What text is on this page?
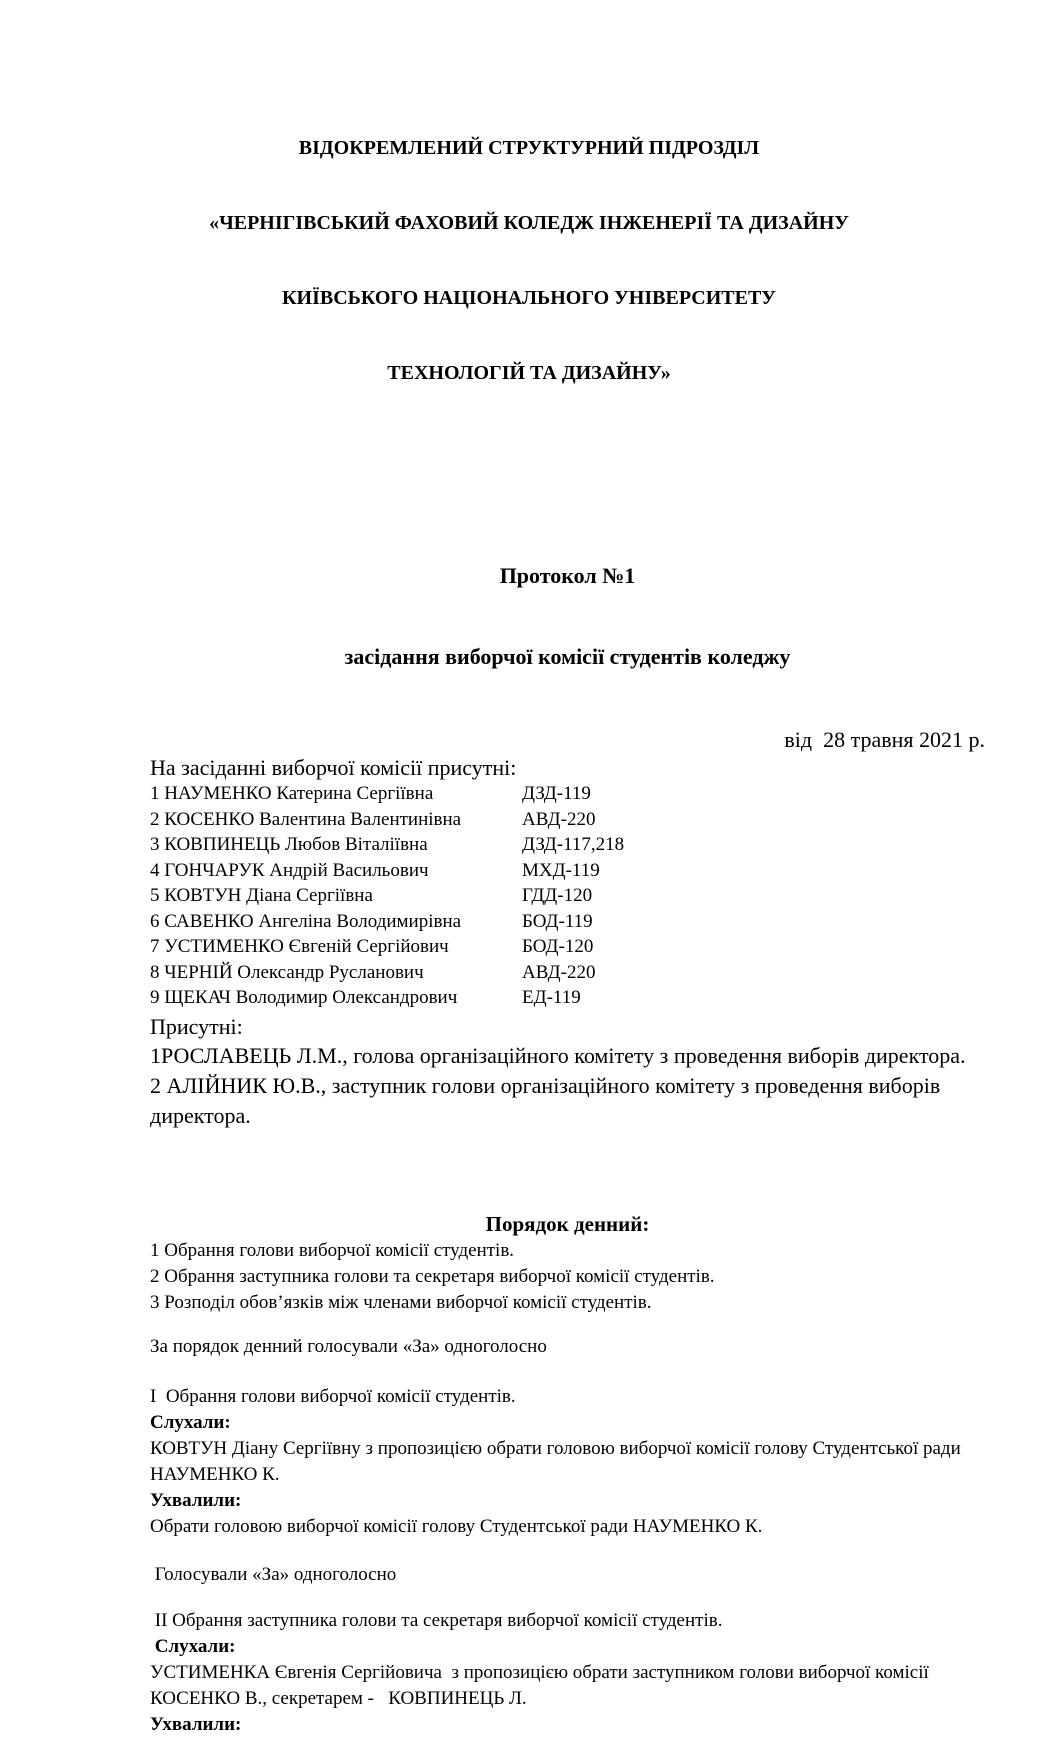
ВІДОКРЕМЛЕНИЙ СТРУКТУРНИЙ ПІДРОЗДІЛ

«ЧЕРНІГІВСЬКИЙ ФАХОВИЙ КОЛЕДЖ ІНЖЕНЕРІЇ ТА ДИЗАЙНУ

КИЇВСЬКОГО НАЦІОНАЛЬНОГО УНІВЕРСИТЕТУ

ТЕХНОЛОГІЙ ТА ДИЗАЙНУ»

Протокол №1

засідання виборчої комісії студентів коледжу

від  28 травня 2021 р.
На засіданні виборчої комісії присутні:
1 НАУМЕНКО Катерина Сергіївна	ДЗД-119
2 КОСЕНКО Валентина Валентинівна	АВД-220
3 КОВПИНЕЦЬ Любов Віталіївна	ДЗД-117,218
4 ГОНЧАРУК Андрій Васильович	МХД-119
5 КОВТУН Діана Сергіївна	ГДД-120
6 САВЕНКО Ангеліна Володимирівна	БОД-119
7 УСТИМЕНКО Євгеній Сергійович	БОД-120
8 ЧЕРНІЙ Олександр Русланович	АВД-220
9 ЩЕКАЧ Володимир Олександрович	ЕД-119
Присутні:
1РОСЛАВЕЦЬ Л.М., голова організаційного комітету з проведення виборів директора.
2 АЛІЙНИК Ю.В., заступник голови організаційного комітету з проведення виборів директора.
Порядок денний:
1 Обрання голови виборчої комісії студентів.
2 Обрання заступника голови та секретаря виборчої комісії студентів.
3 Розподіл обов’язків між членами виборчої комісії студентів.
За порядок денний голосували «За» одноголосно
І  Обрання голови виборчої комісії студентів.
Слухали:
КОВТУН Діану Сергіївну з пропозицією обрати головою виборчої комісії голову Студентської ради НАУМЕНКО К.
Ухвалили:
Обрати головою виборчої комісії голову Студентської ради НАУМЕНКО К.
Голосували «За» одноголосно
ІІ Обрання заступника голови та секретаря виборчої комісії студентів.
Слухали:
УСТИМЕНКА Євгенія Сергійовича  з пропозицією обрати заступником голови виборчої комісії КОСЕНКО В., секретарем -   КОВПИНЕЦЬ Л.
Ухвалили:
